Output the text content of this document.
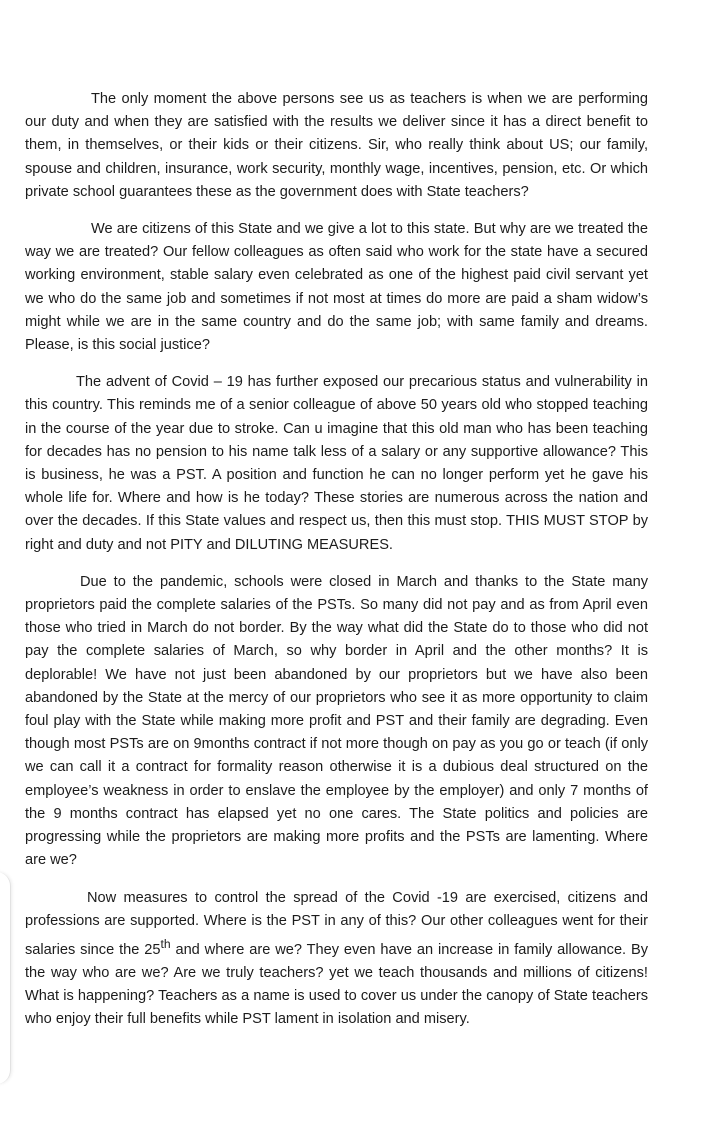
The only moment the above persons see us as teachers is when we are performing our duty and when they are satisfied with the results we deliver since it has a direct benefit to them, in themselves, or their kids or their citizens. Sir, who really think about US; our family, spouse and children, insurance, work security, monthly wage, incentives, pension, etc. Or which private school guarantees these as the government does with State teachers?

We are citizens of this State and we give a lot to this state. But why are we treated the way we are treated? Our fellow colleagues as often said who work for the state have a secured working environment, stable salary even celebrated as one of the highest paid civil servant yet we who do the same job and sometimes if not most at times do more are paid a sham widow’s might while we are in the same country and do the same job; with same family and dreams. Please, is this social justice?

The advent of Covid – 19 has further exposed our precarious status and vulnerability in this country. This reminds me of a senior colleague of above 50 years old who stopped teaching in the course of the year due to stroke. Can u imagine that this old man who has been teaching for decades has no pension to his name talk less of a salary or any supportive allowance? This is business, he was a PST. A position and function he can no longer perform yet he gave his whole life for. Where and how is he today? These stories are numerous across the nation and over the decades. If this State values and respect us, then this must stop. THIS MUST STOP by right and duty and not PITY and DILUTING MEASURES.

Due to the pandemic, schools were closed in March and thanks to the State many proprietors paid the complete salaries of the PSTs. So many did not pay and as from April even those who tried in March do not border. By the way what did the State do to those who did not pay the complete salaries of March, so why border in April and the other months? It is deplorable! We have not just been abandoned by our proprietors but we have also been abandoned by the State at the mercy of our proprietors who see it as more opportunity to claim foul play with the State while making more profit and PST and their family are degrading. Even though most PSTs are on 9months contract if not more though on pay as you go or teach (if only we can call it a contract for formality reason otherwise it is a dubious deal structured on the employee’s weakness in order to enslave the employee by the employer) and only 7 months of the 9 months contract has elapsed yet no one cares. The State politics and policies are progressing while the proprietors are making more profits and the PSTs are lamenting. Where are we?

Now measures to control the spread of the Covid -19 are exercised, citizens and professions are supported. Where is the PST in any of this? Our other colleagues went for their salaries since the 25th and where are we? They even have an increase in family allowance. By the way who are we? Are we truly teachers? yet we teach thousands and millions of citizens! What is happening? Teachers as a name is used to cover us under the canopy of State teachers who enjoy their full benefits while PST lament in isolation and misery.
